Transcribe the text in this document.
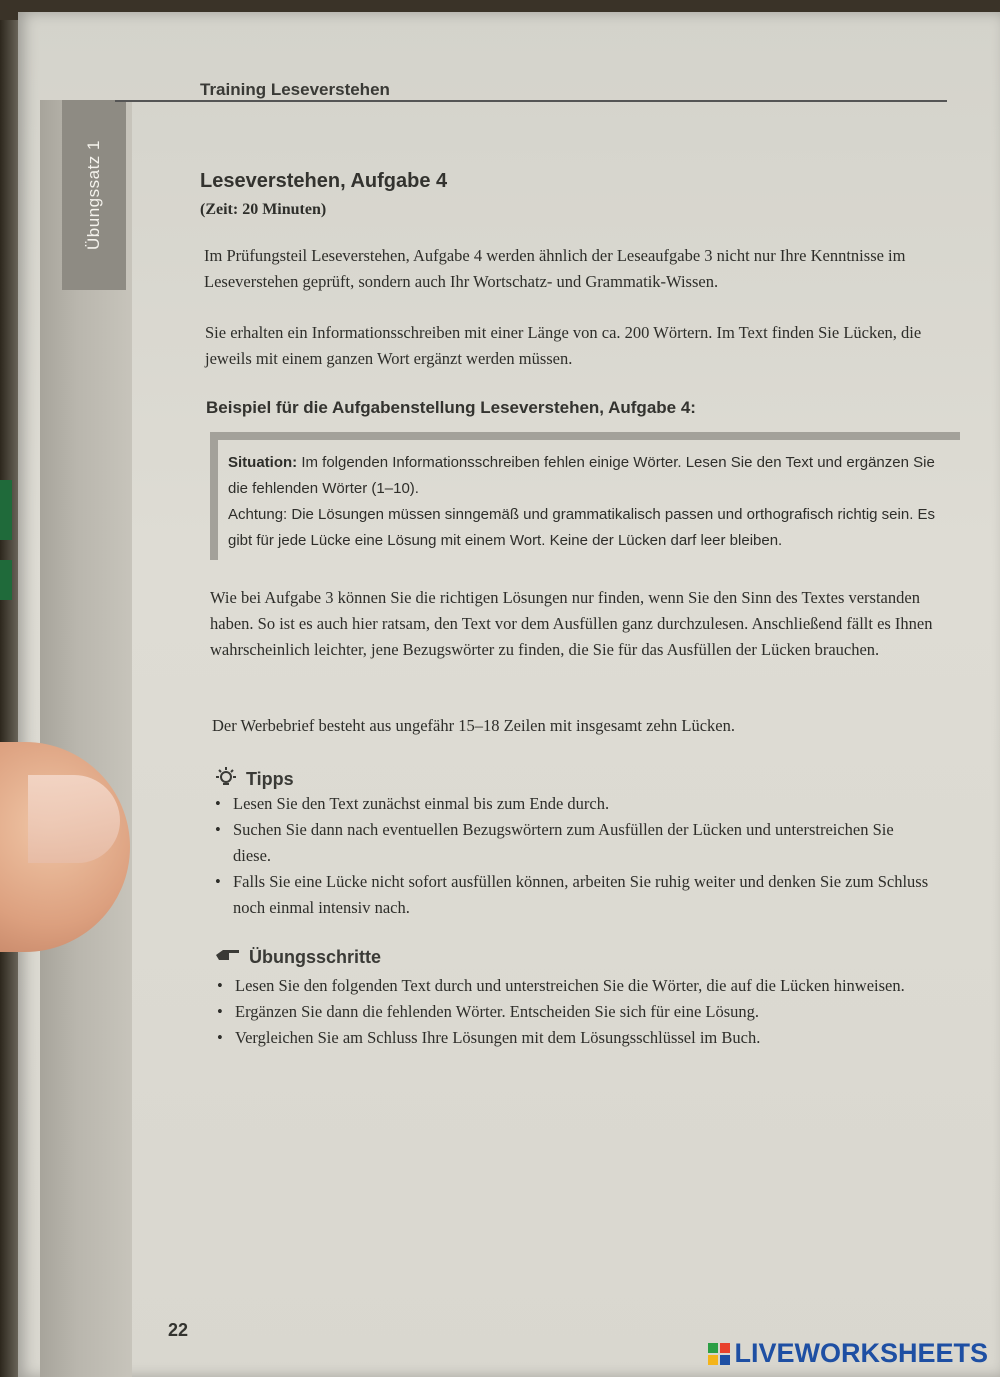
Übungssatz 1
Training Leseverstehen
Leseverstehen, Aufgabe 4
(Zeit: 20 Minuten)
Im Prüfungsteil Leseverstehen, Aufgabe 4 werden ähnlich der Leseaufgabe 3 nicht nur Ihre Kenntnisse im Leseverstehen geprüft, sondern auch Ihr Wortschatz- und Grammatik-Wissen.
Sie erhalten ein Informationsschreiben mit einer Länge von ca. 200 Wörtern. Im Text finden Sie Lücken, die jeweils mit einem ganzen Wort ergänzt werden müssen.
Beispiel für die Aufgabenstellung Leseverstehen, Aufgabe 4:
Situation: Im folgenden Informationsschreiben fehlen einige Wörter. Lesen Sie den Text und ergänzen Sie die fehlenden Wörter (1–10).
Achtung: Die Lösungen müssen sinngemäß und grammatikalisch passen und orthografisch richtig sein. Es gibt für jede Lücke eine Lösung mit einem Wort. Keine der Lücken darf leer bleiben.
Wie bei Aufgabe 3 können Sie die richtigen Lösungen nur finden, wenn Sie den Sinn des Textes verstanden haben. So ist es auch hier ratsam, den Text vor dem Ausfüllen ganz durchzulesen. Anschließend fällt es Ihnen wahrscheinlich leichter, jene Bezugswörter zu finden, die Sie für das Ausfüllen der Lücken brauchen.
Der Werbebrief besteht aus ungefähr 15–18 Zeilen mit insgesamt zehn Lücken.
Tipps
• Lesen Sie den Text zunächst einmal bis zum Ende durch.
• Suchen Sie dann nach eventuellen Bezugswörtern zum Ausfüllen der Lücken und unterstreichen Sie diese.
• Falls Sie eine Lücke nicht sofort ausfüllen können, arbeiten Sie ruhig weiter und denken Sie zum Schluss noch einmal intensiv nach.
Übungsschritte
• Lesen Sie den folgenden Text durch und unterstreichen Sie die Wörter, die auf die Lücken hinweisen.
• Ergänzen Sie dann die fehlenden Wörter. Entscheiden Sie sich für eine Lösung.
• Vergleichen Sie am Schluss Ihre Lösungen mit dem Lösungsschlüssel im Buch.
22
LIVEWORKSHEETS
